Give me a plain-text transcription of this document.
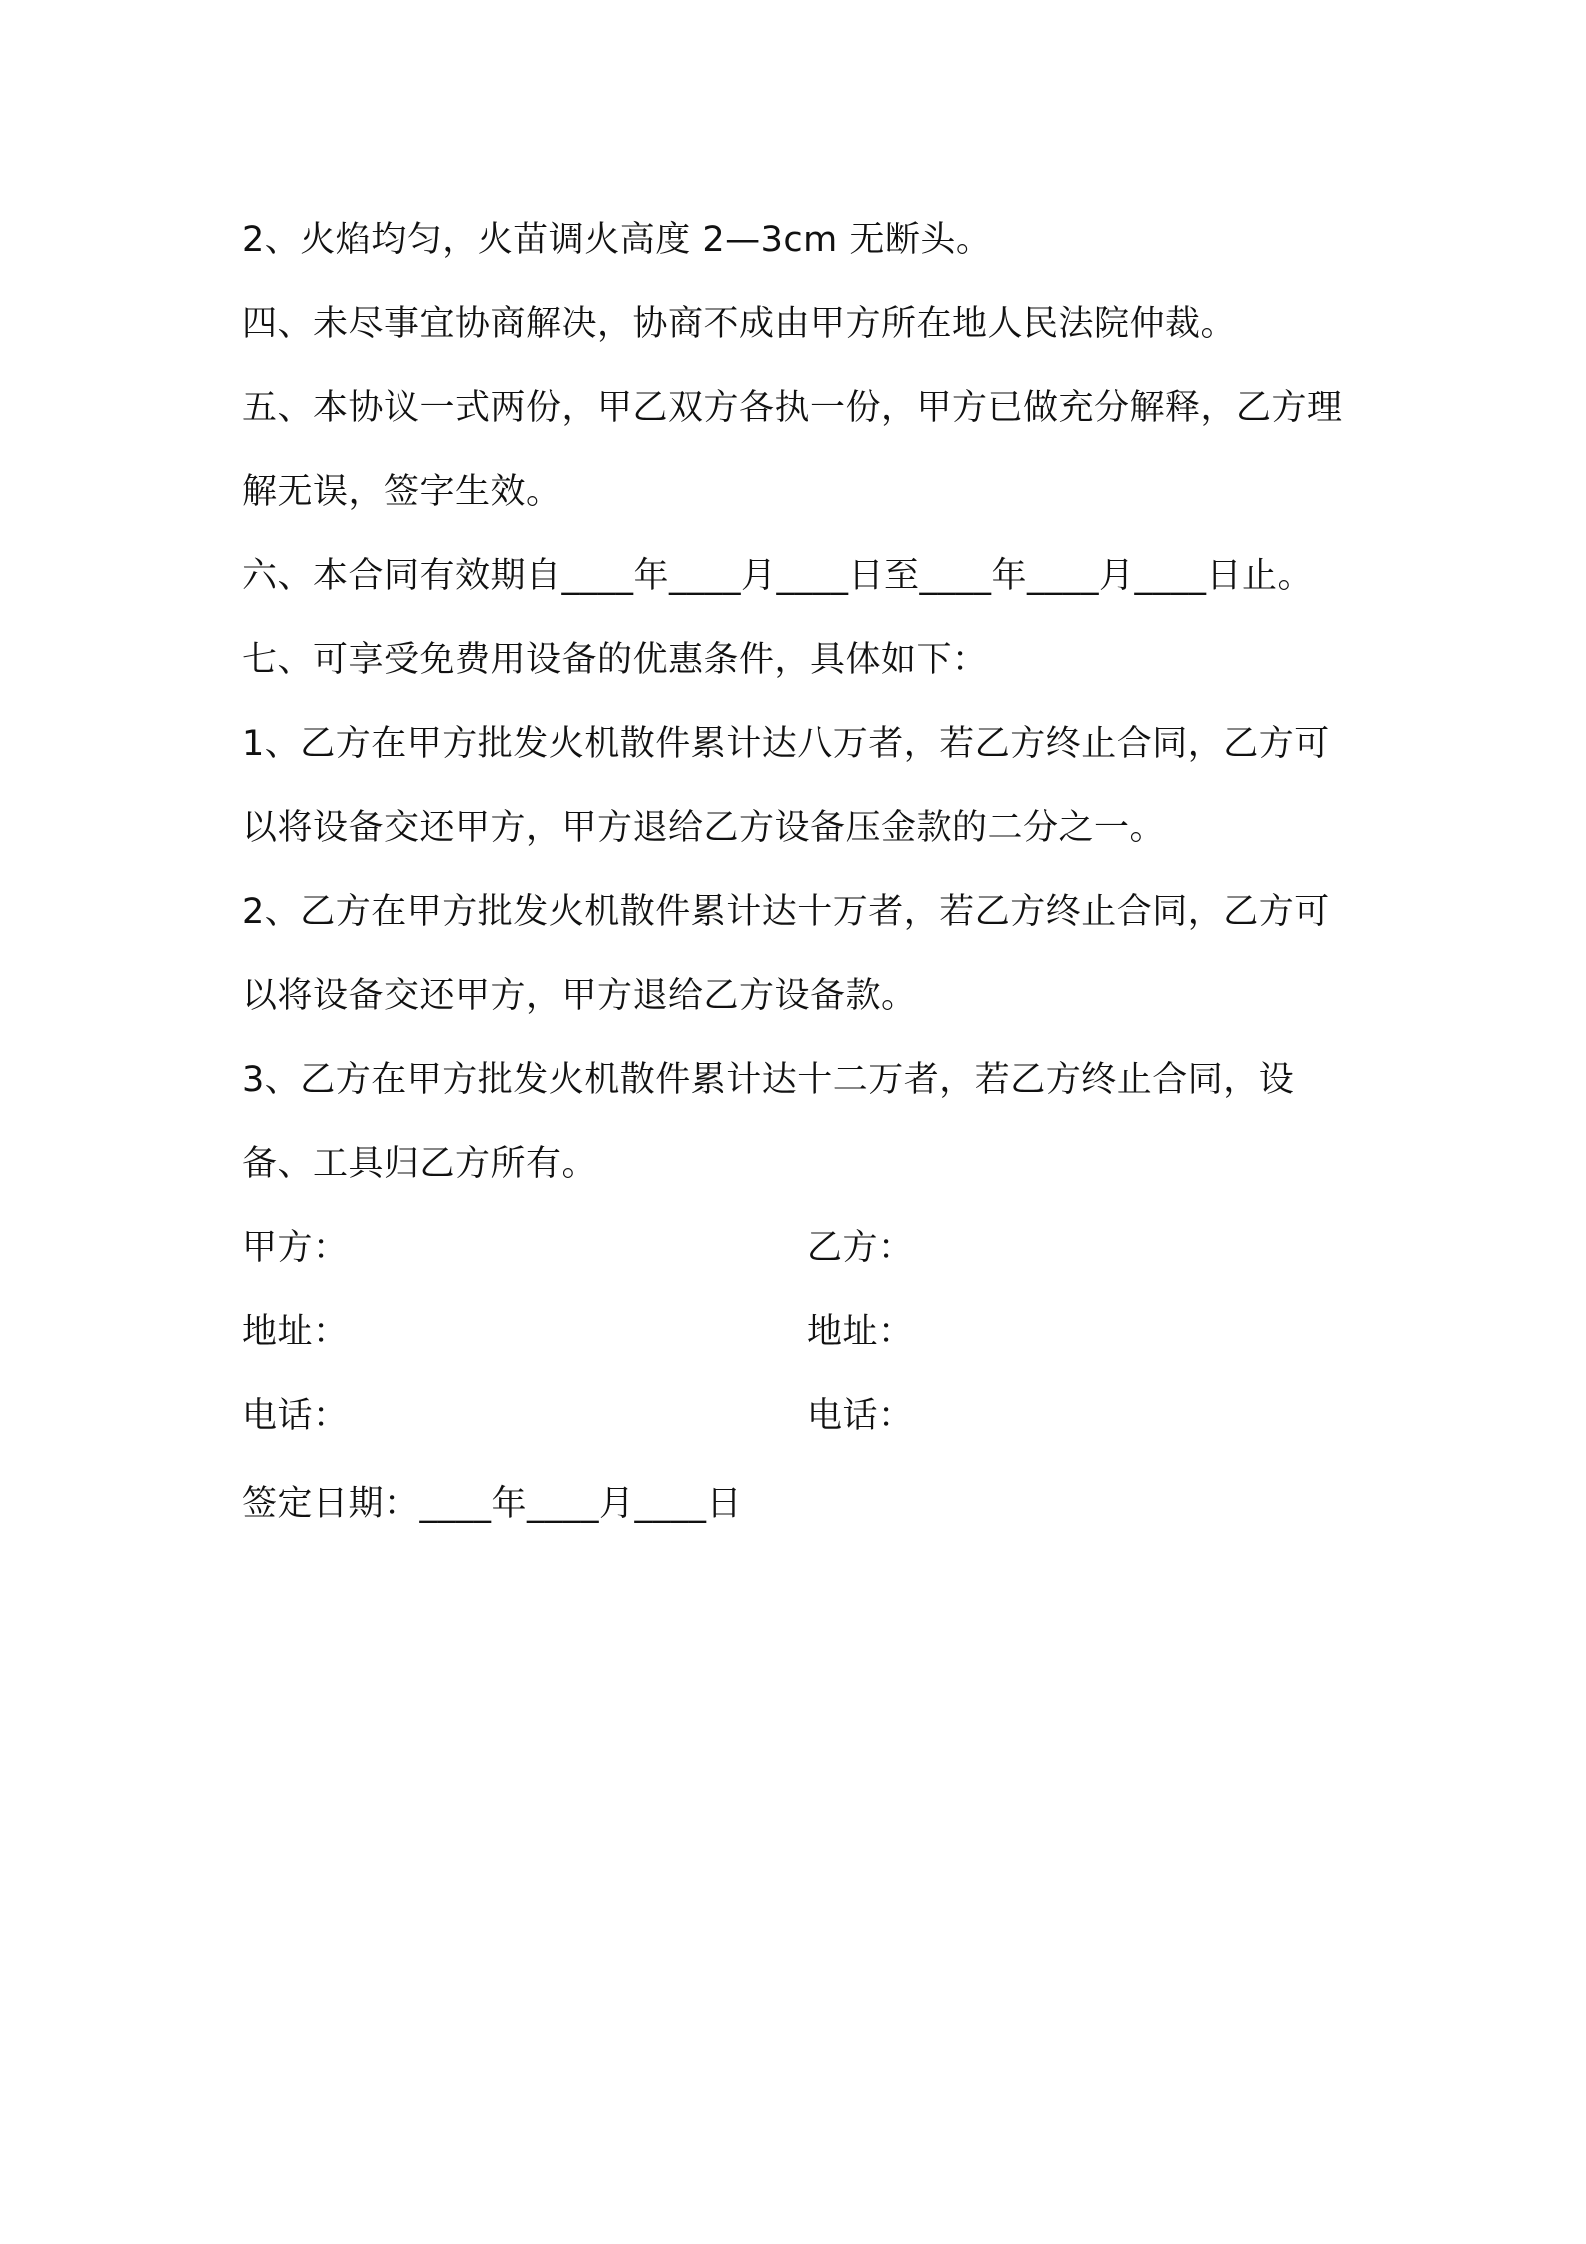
2、火焰均匀，火苗调火高度 2—3cm 无断头。

四、未尽事宜协商解决，协商不成由甲方所在地人民法院仲裁。

五、本协议一式两份，甲乙双方各执一份，甲方已做充分解释，乙方理解无误，签字生效。

六、本合同有效期自____年____月____日至____年____月____日止。

七、可享受免费用设备的优惠条件，具体如下：

1、乙方在甲方批发火机散件累计达八万者，若乙方终止合同，乙方可以将设备交还甲方，甲方退给乙方设备压金款的二分之一。

2、乙方在甲方批发火机散件累计达十万者，若乙方终止合同，乙方可以将设备交还甲方，甲方退给乙方设备款。

3、乙方在甲方批发火机散件累计达十二万者，若乙方终止合同，设备、工具归乙方所有。

甲方：	乙方：
地址：	地址：
电话：	电话：
签定日期：____年____月____日
